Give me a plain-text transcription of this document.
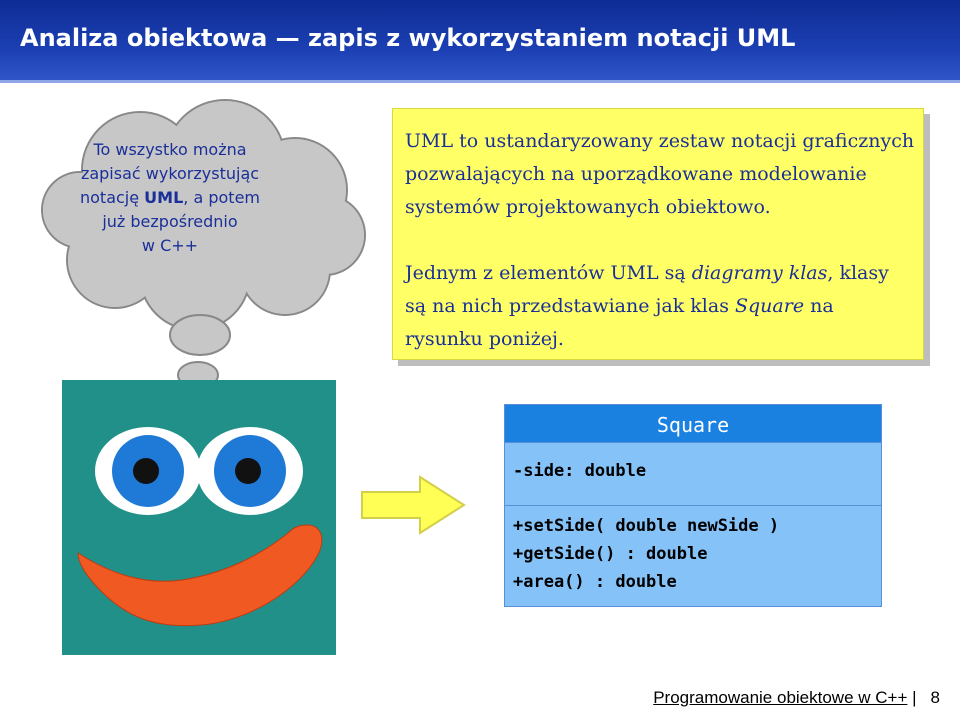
Analiza obiektowa — zapis z wykorzystaniem notacji UML
To wszystko można
zapisać wykorzystując
notację UML, a potem
już bezpośrednio
w C++

UML to ustandaryzowany zestaw notacji graficznych pozwalających na uporządkowane modelowanie systemów projektowanych obiektowo.

Jednym z elementów UML są diagramy klas, klasy są na nich przedstawiane jak klas Square na rysunku poniżej.

Square
-side: double
+setSide( double newSide )
+getSide() : double
+area() : double
Programowanie obiektowe w C++ | 8
